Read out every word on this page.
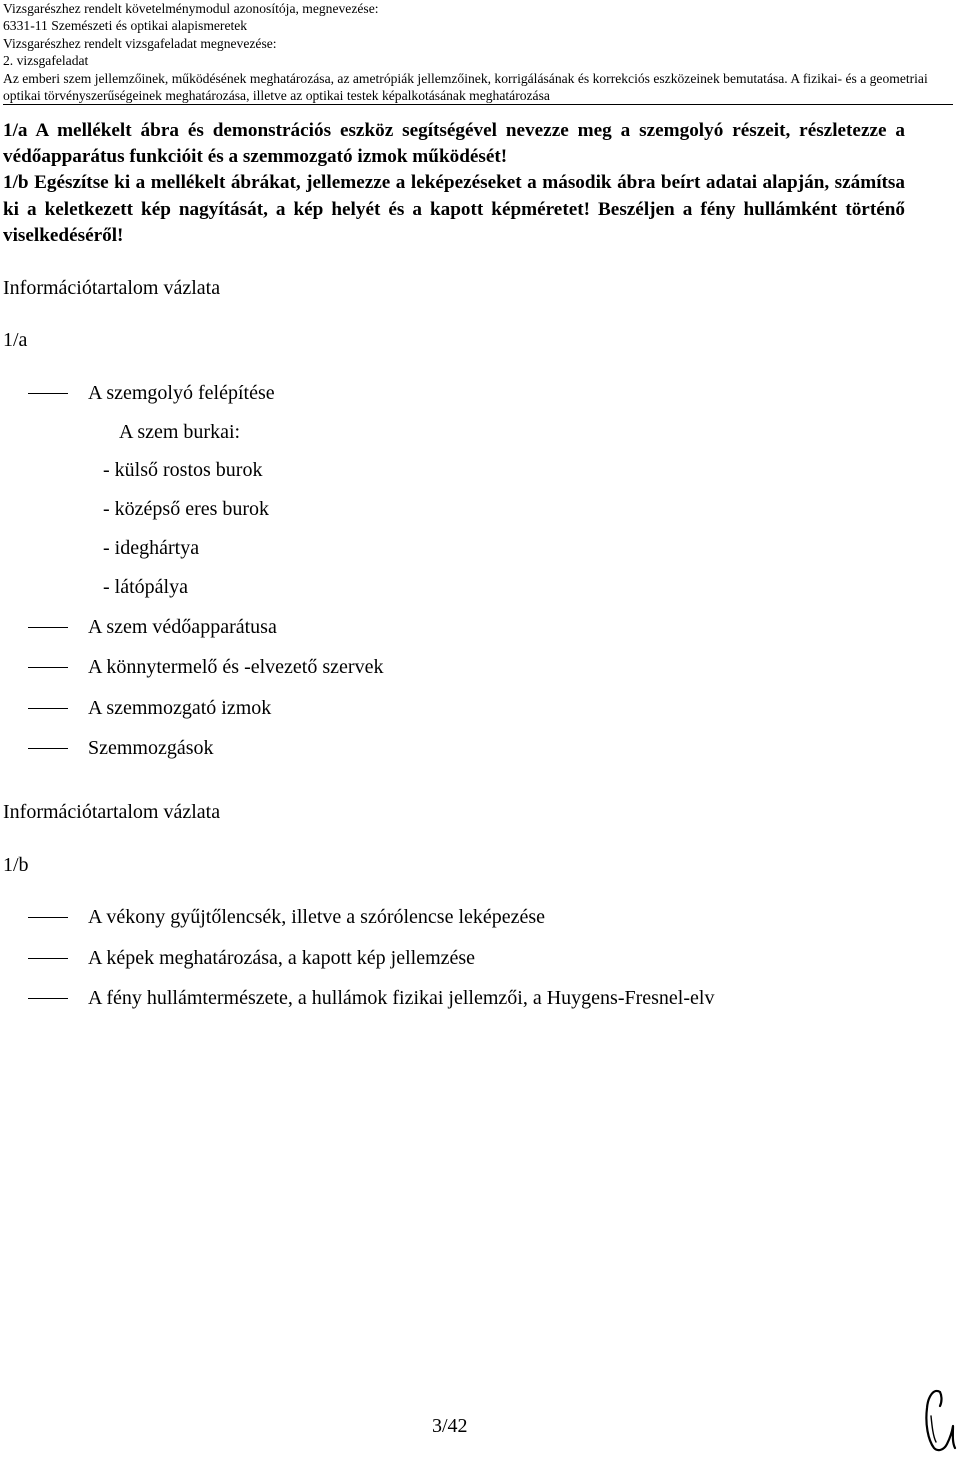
Vizsgarészhez rendelt követelménymodul azonosítója, megnevezése:
6331-11 Szemészeti és optikai alapismeretek
Vizsgarészhez rendelt vizsgafeladat megnevezése:
2. vizsgafeladat
Az emberi szem jellemzőinek, működésének meghatározása, az ametrópiák jellemzőinek, korrigálásának és korrekciós eszközeinek bemutatása. A fizikai- és a geometriai optikai törvényszerűségeinek meghatározása, illetve az optikai testek képalkotásának meghatározása

1/a A mellékelt ábra és demonstrációs eszköz segítségével nevezze meg a szemgolyó részeit, részletezze a védőapparátus funkcióit és a szemmozgató izmok működését!

1/b Egészítse ki a mellékelt ábrákat, jellemezze a leképezéseket a második ábra beírt adatai alapján, számítsa ki a keletkezett kép nagyítását, a kép helyét és a kapott képméretet! Beszéljen a fény hullámként történő viselkedéséről!

Információtartalom vázlata
1/a
A szemgolyó felépítése
A szem burkai:
- külső rostos burok
- középső eres burok
- ideghártya
- látópálya
A szem védőapparátusa
A könnytermelő és -elvezető szervek
A szemmozgató izmok
Szemmozgások
Információtartalom vázlata
1/b
A vékony gyűjtőlencsék, illetve a szórólencse leképezése
A képek meghatározása, a kapott kép jellemzése
A fény hullámtermészete, a hullámok fizikai jellemzői, a Huygens-Fresnel-elv
3/42
